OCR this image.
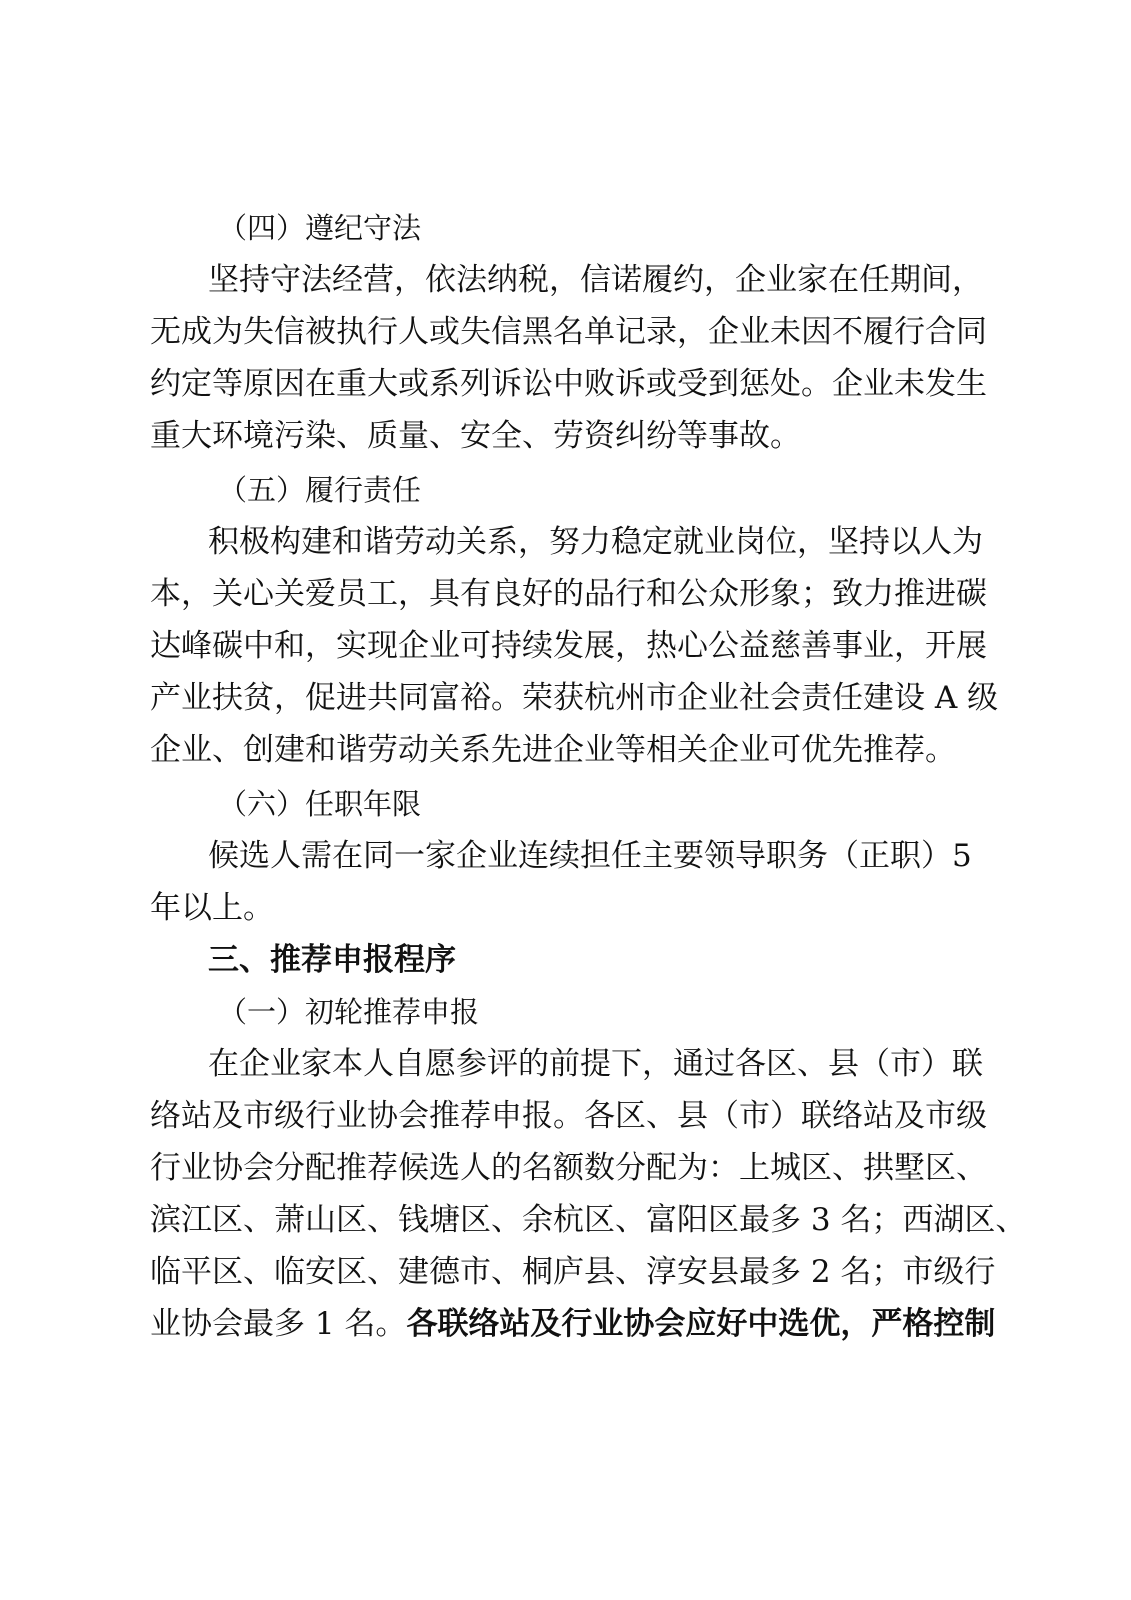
（四）遵纪守法
坚持守法经营，依法纳税，信诺履约，企业家在任期间，
无成为失信被执行人或失信黑名单记录，企业未因不履行合同
约定等原因在重大或系列诉讼中败诉或受到惩处。企业未发生
重大环境污染、质量、安全、劳资纠纷等事故。
（五）履行责任
积极构建和谐劳动关系，努力稳定就业岗位，坚持以人为
本，关心关爱员工，具有良好的品行和公众形象；致力推进碳
达峰碳中和，实现企业可持续发展，热心公益慈善事业，开展
产业扶贫，促进共同富裕。荣获杭州市企业社会责任建设 A 级
企业、创建和谐劳动关系先进企业等相关企业可优先推荐。
（六）任职年限
候选人需在同一家企业连续担任主要领导职务（正职）5
年以上。
三、推荐申报程序
（一）初轮推荐申报
在企业家本人自愿参评的前提下，通过各区、县（市）联
络站及市级行业协会推荐申报。各区、县（市）联络站及市级
行业协会分配推荐候选人的名额数分配为：上城区、拱墅区、
滨江区、萧山区、钱塘区、余杭区、富阳区最多 3 名；西湖区、
临平区、临安区、建德市、桐庐县、淳安县最多 2 名；市级行
业协会最多 1 名。各联络站及行业协会应好中选优，严格控制
